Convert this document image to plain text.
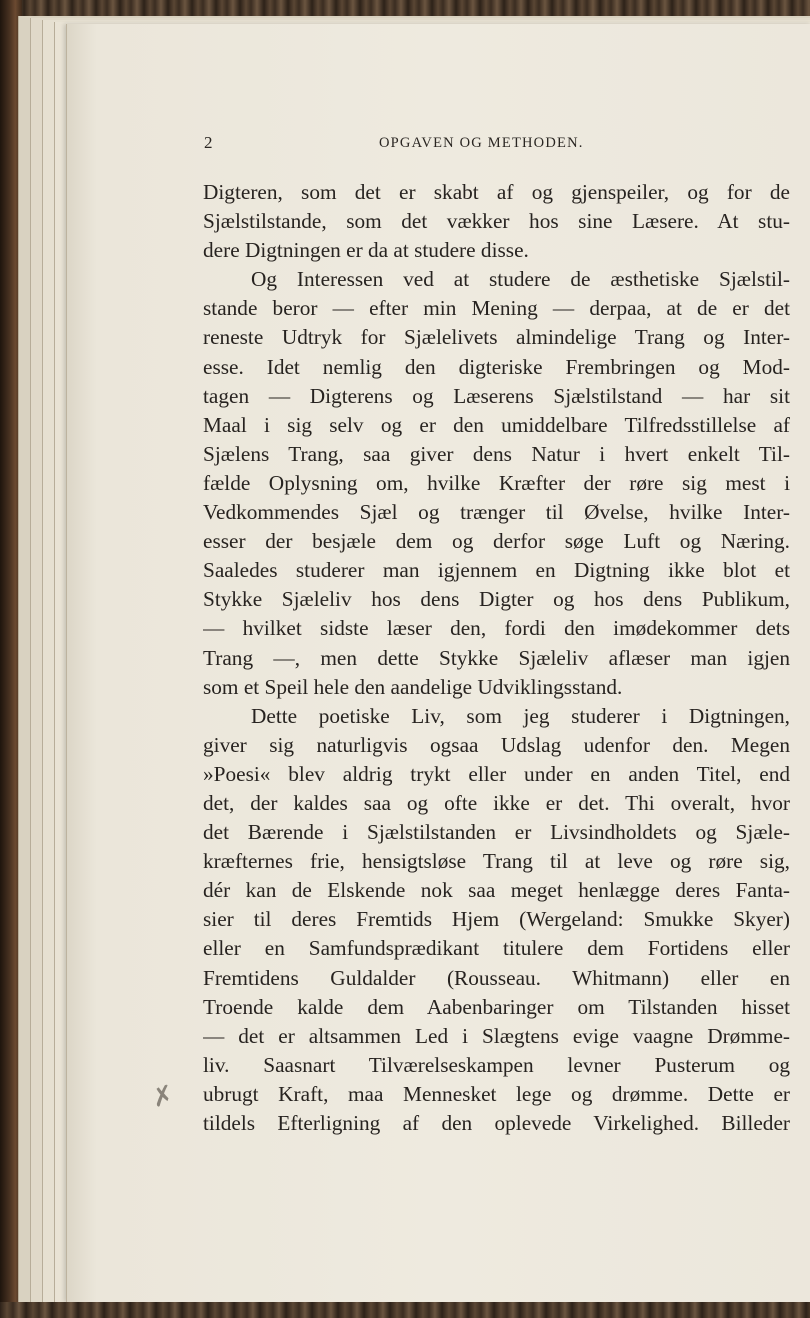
2	OPGAVEN OG METHODEN.
Digteren, som det er skabt af og gjenspeiler, og for de
Sjælstilstande, som det vækker hos sine Læsere. At stu-
dere Digtningen er da at studere disse.
Og Interessen ved at studere de æsthetiske Sjælstil-
stande beror — efter min Mening — derpaa, at de er det
reneste Udtryk for Sjælelivets almindelige Trang og Inter-
esse. Idet nemlig den digteriske Frembringen og Mod-
tagen — Digterens og Læserens Sjælstilstand — har sit
Maal i sig selv og er den umiddelbare Tilfredsstillelse af
Sjælens Trang, saa giver dens Natur i hvert enkelt Til-
fælde Oplysning om, hvilke Kræfter der røre sig mest i
Vedkommendes Sjæl og trænger til Øvelse, hvilke Inter-
esser der besjæle dem og derfor søge Luft og Næring.
Saaledes studerer man igjennem en Digtning ikke blot et
Stykke Sjæleliv hos dens Digter og hos dens Publikum,
— hvilket sidste læser den, fordi den imødekommer dets
Trang —, men dette Stykke Sjæleliv aflæser man igjen
som et Speil hele den aandelige Udviklingsstand.
Dette poetiske Liv, som jeg studerer i Digtningen,
giver sig naturligvis ogsaa Udslag udenfor den. Megen
»Poesi« blev aldrig trykt eller under en anden Titel, end
det, der kaldes saa og ofte ikke er det. Thi overalt, hvor
det Bærende i Sjælstilstanden er Livsindholdets og Sjæle-
kræfternes frie, hensigtsløse Trang til at leve og røre sig,
dér kan de Elskende nok saa meget henlægge deres Fanta-
sier til deres Fremtids Hjem (Wergeland: Smukke Skyer)
eller en Samfundsprædikant titulere dem Fortidens eller
Fremtidens Guldalder (Rousseau. Whitmann) eller en
Troende kalde dem Aabenbaringer om Tilstanden hisset
— det er altsammen Led i Slægtens evige vaagne Drømme-
liv. Saasnart Tilværelseskampen levner Pusterum og
ubrugt Kraft, maa Mennesket lege og drømme. Dette er
tildels Efterligning af den oplevede Virkelighed. Billeder
✗
